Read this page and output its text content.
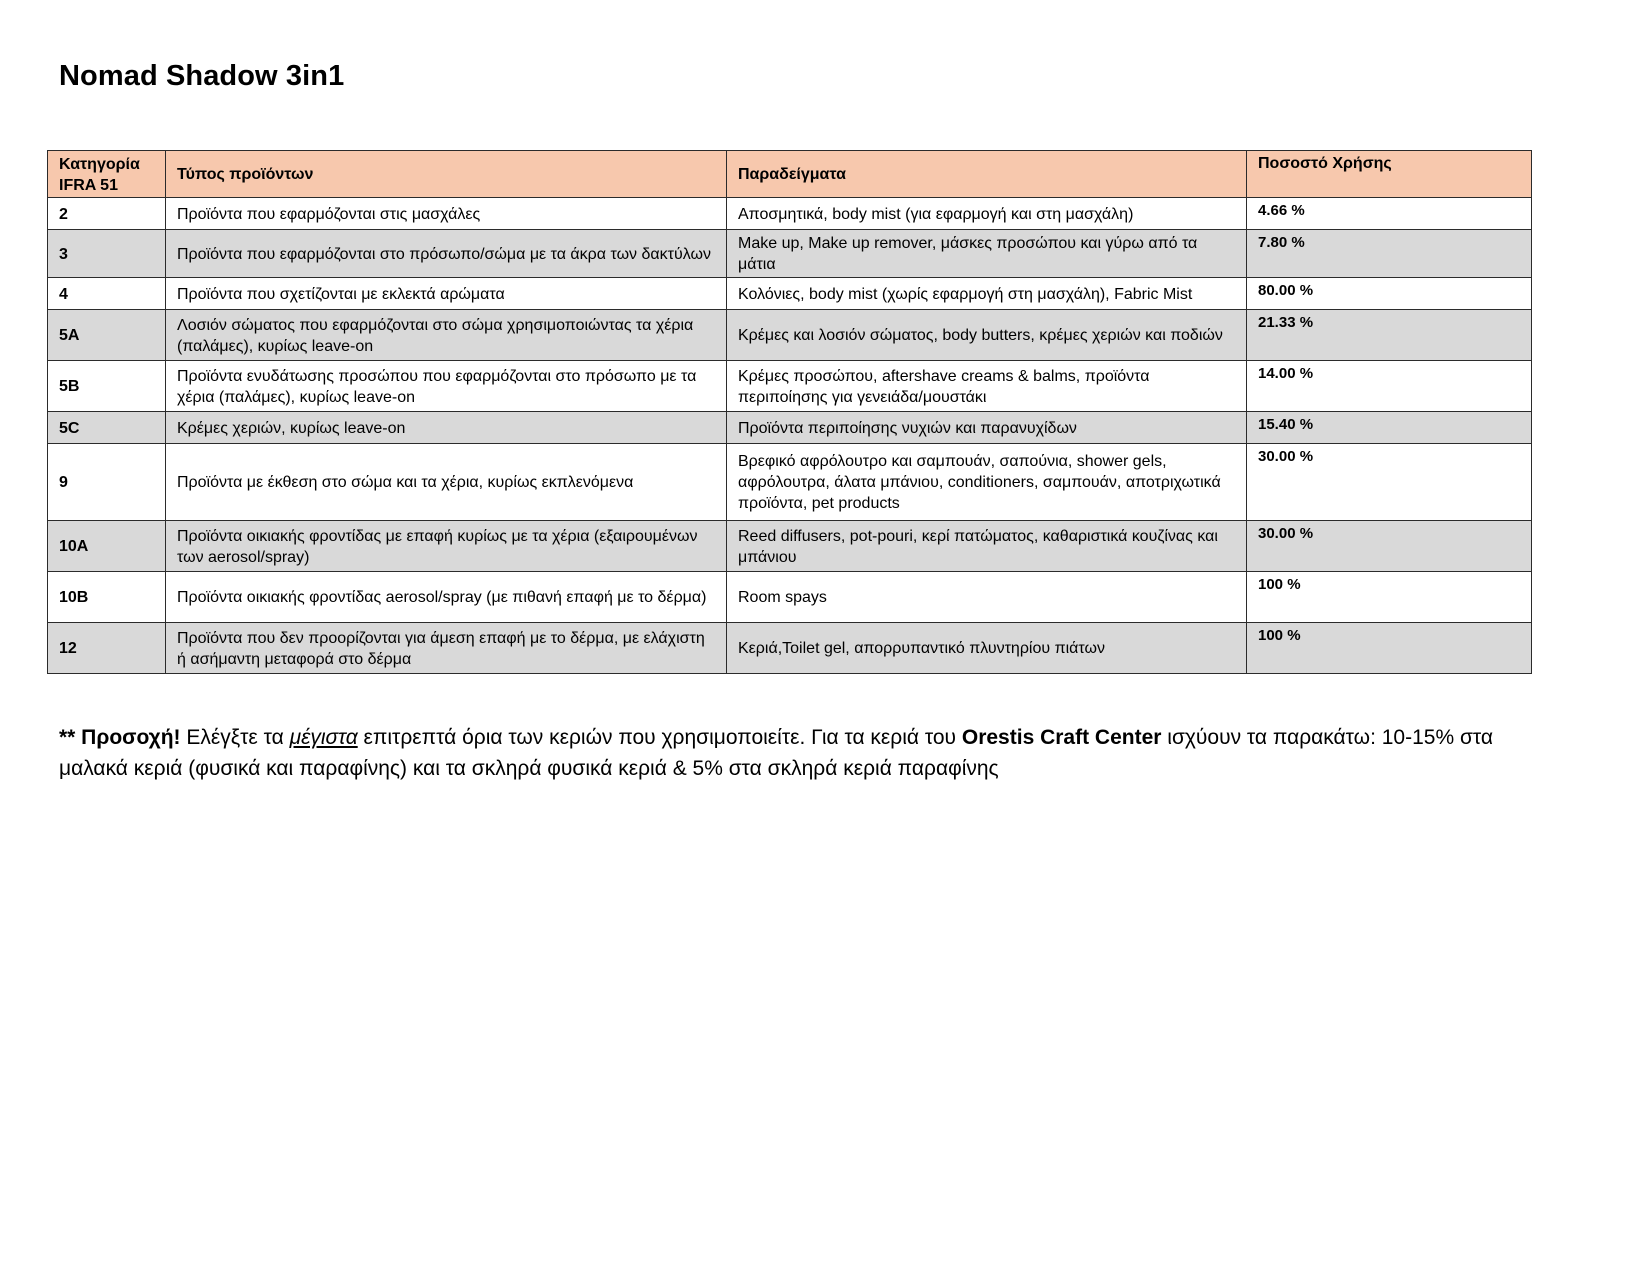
Nomad Shadow 3in1
Κατηγορία IFRA 51	Τύπος προϊόντων	Παραδείγματα	Ποσοστό Χρήσης
2	Προϊόντα που εφαρμόζονται στις μασχάλες	Αποσμητικά, body mist (για εφαρμογή και στη μασχάλη)	4.66 %
3	Προϊόντα που εφαρμόζονται στο πρόσωπο/σώμα με τα άκρα των δακτύλων	Make up, Make up remover, μάσκες προσώπου και γύρω από τα μάτια	7.80 %
4	Προϊόντα που σχετίζονται με εκλεκτά αρώματα	Κολόνιες, body mist (χωρίς εφαρμογή στη μασχάλη), Fabric Mist	80.00 %
5A	Λοσιόν σώματος που εφαρμόζονται στο σώμα χρησιμοποιώντας τα χέρια (παλάμες), κυρίως leave-on	Κρέμες και λοσιόν σώματος, body butters, κρέμες χεριών και ποδιών	21.33 %
5B	Προϊόντα ενυδάτωσης προσώπου που εφαρμόζονται στο πρόσωπο με τα χέρια (παλάμες), κυρίως leave-on	Κρέμες προσώπου, aftershave creams & balms, προϊόντα περιποίησης για γενειάδα/μουστάκι	14.00 %
5C	Κρέμες χεριών, κυρίως leave-on	Προϊόντα περιποίησης νυχιών και παρανυχίδων	15.40 %
9	Προϊόντα με έκθεση στο σώμα και τα χέρια, κυρίως εκπλενόμενα	Βρεφικό αφρόλουτρο και σαμπουάν, σαπούνια, shower gels, αφρόλουτρα, άλατα μπάνιου, conditioners, σαμπουάν, αποτριχωτικά προϊόντα, pet products	30.00 %
10A	Προϊόντα οικιακής φροντίδας με επαφή κυρίως με τα χέρια (εξαιρουμένων των aerosol/spray)	Reed diffusers, pot-pouri, κερί πατώματος, καθαριστικά κουζίνας και μπάνιου	30.00 %
10B	Προϊόντα οικιακής φροντίδας aerosol/spray (με πιθανή επαφή με το δέρμα)	Room spays	100 %
12	Προϊόντα που δεν προορίζονται για άμεση επαφή με το δέρμα, με ελάχιστη ή ασήμαντη μεταφορά στο δέρμα	Κεριά,Toilet gel, απορρυπαντικό πλυντηρίου πιάτων	100 %

** Προσοχή! Ελέγξτε τα μέγιστα επιτρεπτά όρια των κεριών που χρησιμοποιείτε. Για τα κεριά του Orestis Craft Center ισχύουν τα παρακάτω: 10-15% στα μαλακά κεριά (φυσικά και παραφίνης) και τα σκληρά φυσικά κεριά & 5% στα σκληρά κεριά παραφίνης
